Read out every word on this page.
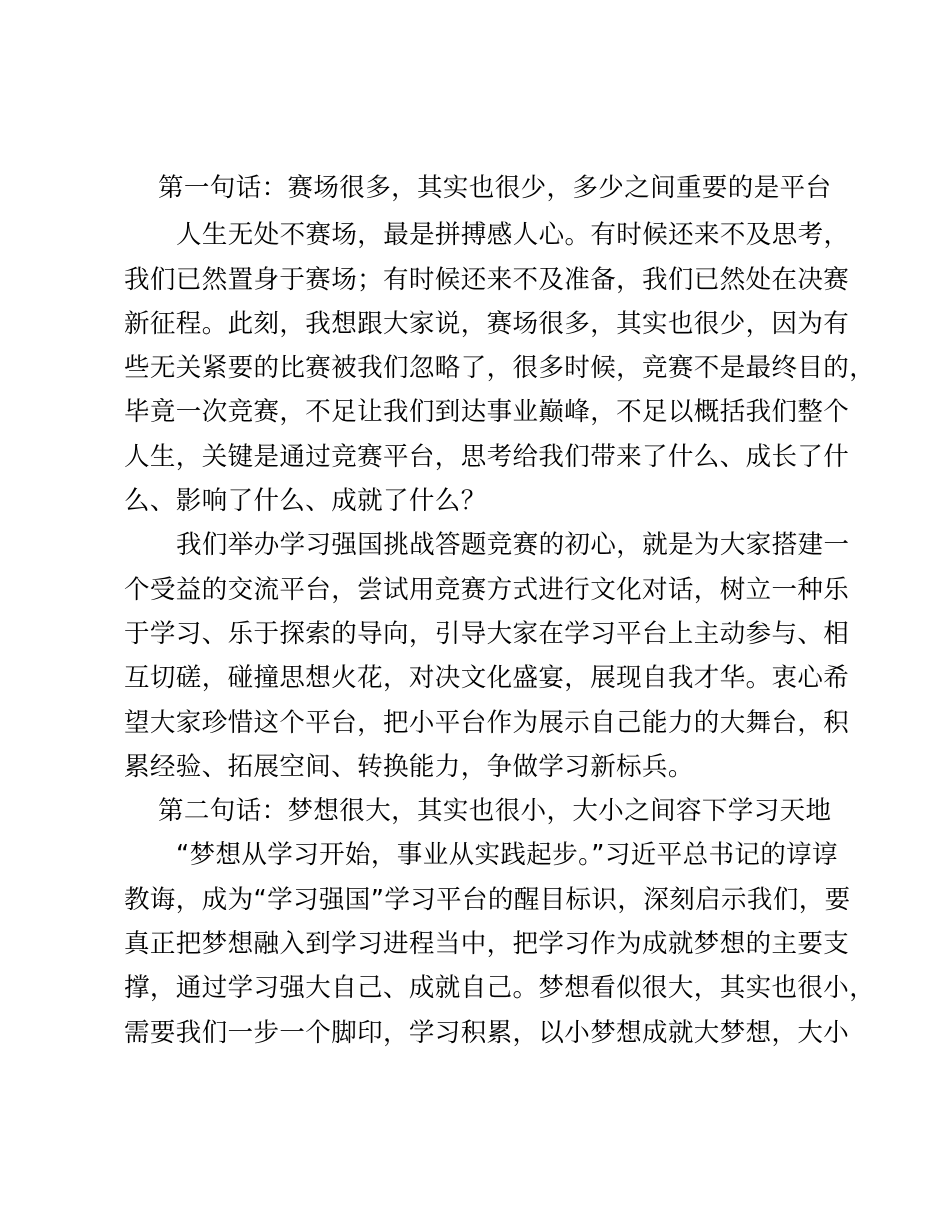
第一句话：赛场很多，其实也很少，多少之间重要的是平台
人生无处不赛场，最是拼搏感人心。有时候还来不及思考，
我们已然置身于赛场；有时候还来不及准备，我们已然处在决赛
新征程。此刻，我想跟大家说，赛场很多，其实也很少，因为有
些无关紧要的比赛被我们忽略了，很多时候，竞赛不是最终目的，
毕竟一次竞赛，不足让我们到达事业巅峰，不足以概括我们整个
人生，关键是通过竞赛平台，思考给我们带来了什么、成长了什
么、影响了什么、成就了什么？
我们举办学习强国挑战答题竞赛的初心，就是为大家搭建一
个受益的交流平台，尝试用竞赛方式进行文化对话，树立一种乐
于学习、乐于探索的导向，引导大家在学习平台上主动参与、相
互切磋，碰撞思想火花，对决文化盛宴，展现自我才华。衷心希
望大家珍惜这个平台，把小平台作为展示自己能力的大舞台，积
累经验、拓展空间、转换能力，争做学习新标兵。
第二句话：梦想很大，其实也很小，大小之间容下学习天地
“梦想从学习开始，事业从实践起步。”习近平总书记的谆谆
教诲，成为“学习强国”学习平台的醒目标识，深刻启示我们，要
真正把梦想融入到学习进程当中，把学习作为成就梦想的主要支
撑，通过学习强大自己、成就自己。梦想看似很大，其实也很小，
需要我们一步一个脚印，学习积累，以小梦想成就大梦想，大小
